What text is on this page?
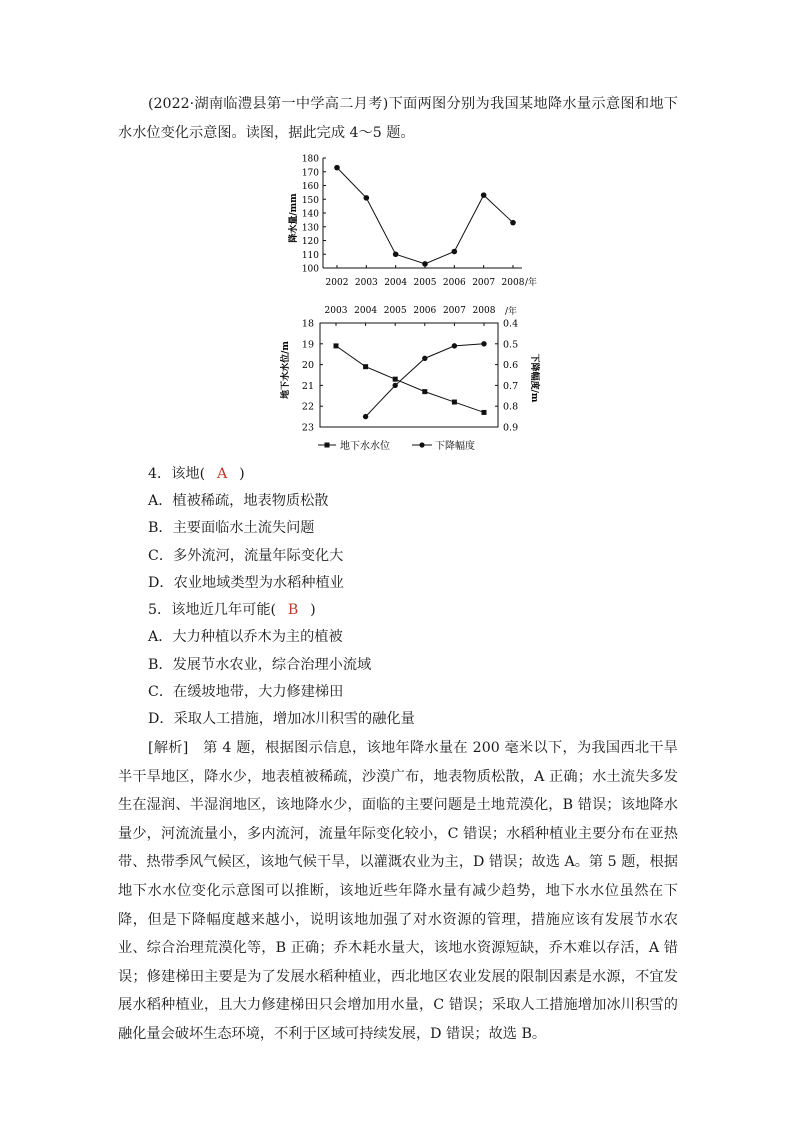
(2022·湖南临澧县第一中学高二月考)下面两图分别为我国某地降水量示意图和地下水水位变化示意图。读图，据此完成 4～5 题。
180
170
160
150
140
130
120
110
100
2002 2003 2004 2005 2006 2007 2008 /年
降水量/mm
2003 2004 2005 2006 2007 2008 /年
18
19
20
21
22
23
0.4
0.5
0.6
0.7
0.8
0.9
地下水水位/m	下降幅度/m
地下水水位	下降幅度
4．该地( A )
A．植被稀疏，地表物质松散
B．主要面临水土流失问题
C．多外流河，流量年际变化大
D．农业地域类型为水稻种植业
5．该地近几年可能( B )
A．大力种植以乔木为主的植被
B．发展节水农业，综合治理小流域
C．在缓坡地带，大力修建梯田
D．采取人工措施，增加冰川积雪的融化量
[解析]　第 4 题，根据图示信息，该地年降水量在 200 毫米以下，为我国西北干旱半干旱地区，降水少，地表植被稀疏，沙漠广布，地表物质松散，A 正确；水土流失多发生在湿润、半湿润地区，该地降水少，面临的主要问题是土地荒漠化，B 错误；该地降水量少，河流流量小，多内流河，流量年际变化较小，C 错误；水稻种植业主要分布在亚热带、热带季风气候区，该地气候干旱，以灌溉农业为主，D 错误；故选 A。第 5 题，根据地下水水位变化示意图可以推断，该地近些年降水量有减少趋势，地下水水位虽然在下降，但是下降幅度越来越小，说明该地加强了对水资源的管理，措施应该有发展节水农业、综合治理荒漠化等，B 正确；乔木耗水量大，该地水资源短缺，乔木难以存活，A 错误；修建梯田主要是为了发展水稻种植业，西北地区农业发展的限制因素是水源，不宜发展水稻种植业，且大力修建梯田只会增加用水量，C 错误；采取人工措施增加冰川积雪的融化量会破坏生态环境，不利于区域可持续发展，D 错误；故选 B。
